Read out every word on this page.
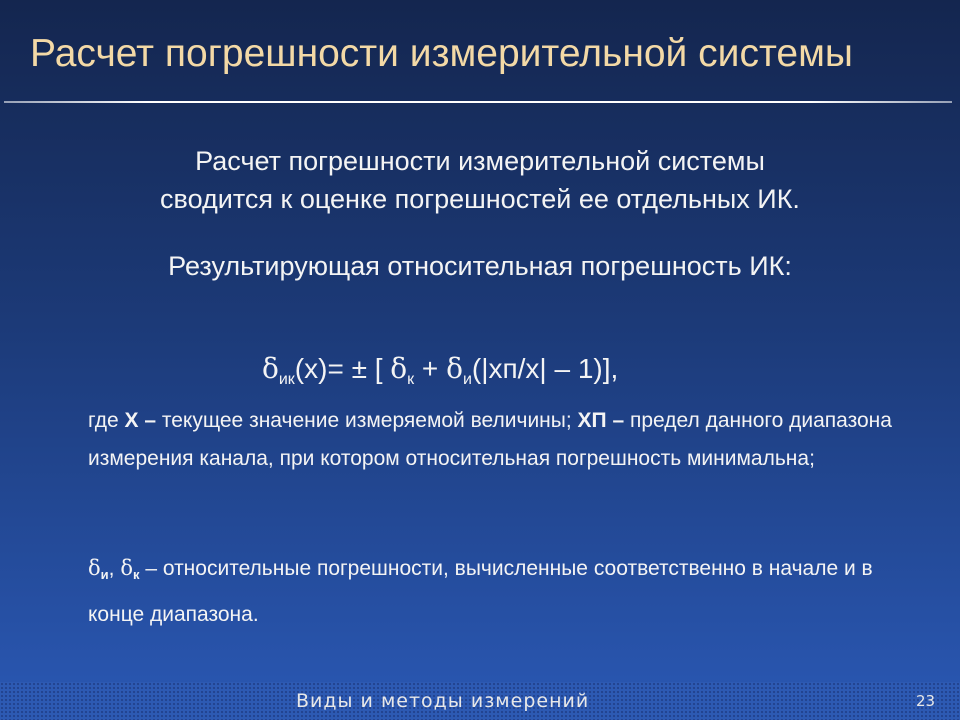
Расчет погрешности измерительной системы
Расчет погрешности измерительной системы
сводится к оценке погрешностей ее отдельных ИК.
Результирующая относительная погрешность ИК:
$\delta_{ик}(x)=$ ± [ $\delta_к + \delta_и(|хп/x| - 1)$],
где Х – текущее значение измеряемой величины; ХП – предел данного диапазона измерения канала, при котором относительная погрешность минимальна;
$\delta_и$, $\delta_к$ – относительные погрешности, вычисленные соответственно в начале и в конце диапазона.
Виды и методы измерений	23
